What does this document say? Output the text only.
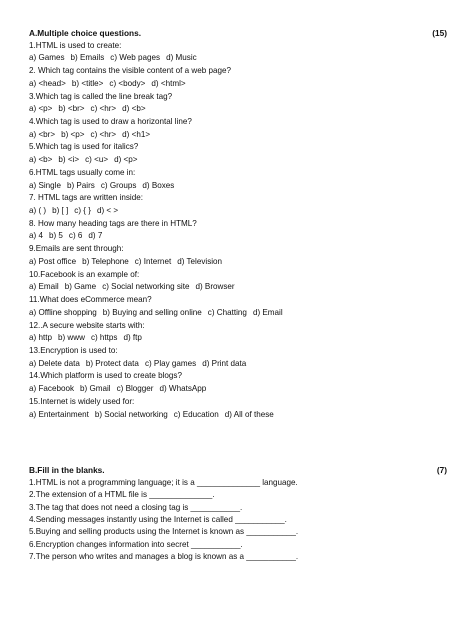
A.Multiple choice questions.	(15)
1.HTML is used to create:
a) Games b) Emails c) Web pages d) Music
2. Which tag contains the visible content of a web page?
a) <head> b) <title> c) <body> d) <html>
3.Which tag is called the line break tag?
a) <p> b) <br> c) <hr> d) <b>
4.Which tag is used to draw a horizontal line?
a) <br> b) <p> c) <hr> d) <h1>
5.Which tag is used for italics?
a) <b> b) <i> c) <u> d) <p>
6.HTML tags usually come in:
a) Single b) Pairs c) Groups d) Boxes
7. HTML tags are written inside:
a) ( ) b) [ ] c) { } d) < >
8. How many heading tags are there in HTML?
a) 4 b) 5 c) 6 d) 7
9.Emails are sent through:
a) Post office b) Telephone c) Internet d) Television
10.Facebook is an example of:
a) Email b) Game c) Social networking site d) Browser
11.What does eCommerce mean?
a) Offline shopping b) Buying and selling online c) Chatting d) Email
12..A secure website starts with:
a) http b) www c) https d) ftp
13.Encryption is used to:
a) Delete data b) Protect data c) Play games d) Print data
14.Which platform is used to create blogs?
a) Facebook b) Gmail c) Blogger d) WhatsApp
15.Internet is widely used for:
a) Entertainment b) Social networking c) Education d) All of these
B.Fill in the blanks.	(7)
1.HTML is not a programming language; it is a ______________ language.
2.The extension of a HTML file is ______________.
3.The tag that does not need a closing tag is ___________.
4.Sending messages instantly using the Internet is called ___________.
5.Buying and selling products using the Internet is known as ___________.
6.Encryption changes information into secret ___________.
7.The person who writes and manages a blog is known as a ___________.
